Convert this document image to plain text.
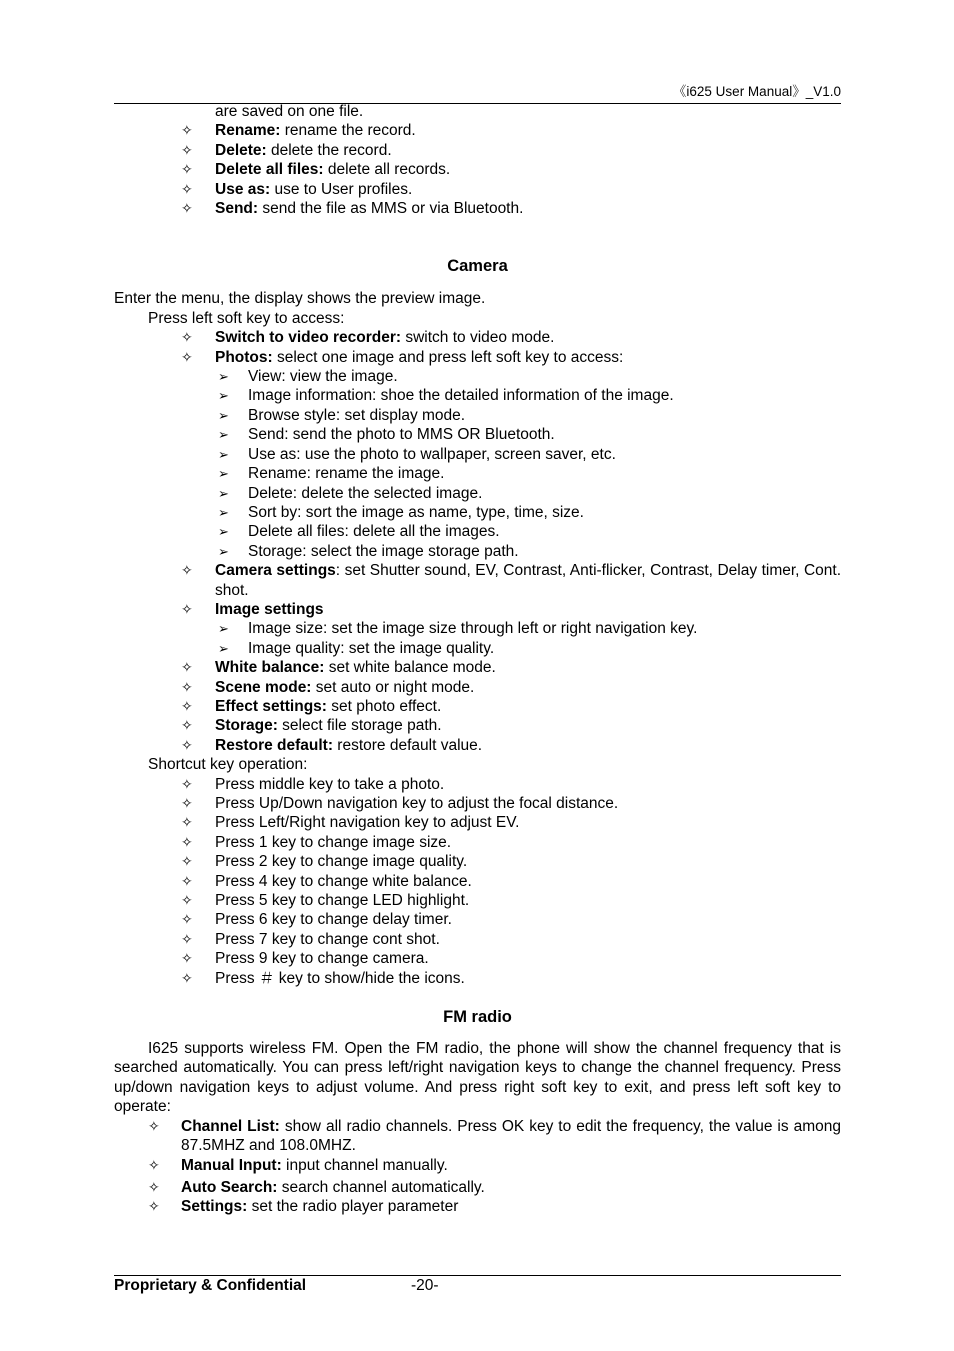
《i625 User Manual》_V1.0
are saved on one file.
✧ Rename: rename the record.
✧ Delete: delete the record.
✧ Delete all files: delete all records.
✧ Use as: use to User profiles.
✧ Send: send the file as MMS or via Bluetooth.
Camera
Enter the menu, the display shows the preview image.
Press left soft key to access:
✧ Switch to video recorder: switch to video mode.
✧ Photos: select one image and press left soft key to access:
➢ View: view the image.
➢ Image information: shoe the detailed information of the image.
➢ Browse style: set display mode.
➢ Send: send the photo to MMS OR Bluetooth.
➢ Use as: use the photo to wallpaper, screen saver, etc.
➢ Rename: rename the image.
➢ Delete: delete the selected image.
➢ Sort by: sort the image as name, type, time, size.
➢ Delete all files: delete all the images.
➢ Storage: select the image storage path.
✧ Camera settings: set Shutter sound, EV, Contrast, Anti-flicker, Contrast, Delay timer, Cont. shot.
✧ Image settings
➢ Image size: set the image size through left or right navigation key.
➢ Image quality: set the image quality.
✧ White balance: set white balance mode.
✧ Scene mode: set auto or night mode.
✧ Effect settings: set photo effect.
✧ Storage: select file storage path.
✧ Restore default: restore default value.
Shortcut key operation:
✧ Press middle key to take a photo.
✧ Press Up/Down navigation key to adjust the focal distance.
✧ Press Left/Right navigation key to adjust EV.
✧ Press 1 key to change image size.
✧ Press 2 key to change image quality.
✧ Press 4 key to change white balance.
✧ Press 5 key to change LED highlight.
✧ Press 6 key to change delay timer.
✧ Press 7 key to change cont shot.
✧ Press 9 key to change camera.
✧ Press ＃ key to show/hide the icons.
FM radio
I625 supports wireless FM. Open the FM radio, the phone will show the channel frequency that is searched automatically. You can press left/right navigation keys to change the channel frequency. Press up/down navigation keys to adjust volume. And press right soft key to exit, and press left soft key to operate:
✧ Channel List: show all radio channels. Press OK key to edit the frequency, the value is among 87.5MHZ and 108.0MHZ.
✧ Manual Input: input channel manually.
✧ Auto Search: search channel automatically.
✧ Settings: set the radio player parameter
Proprietary & Confidential	-20-
